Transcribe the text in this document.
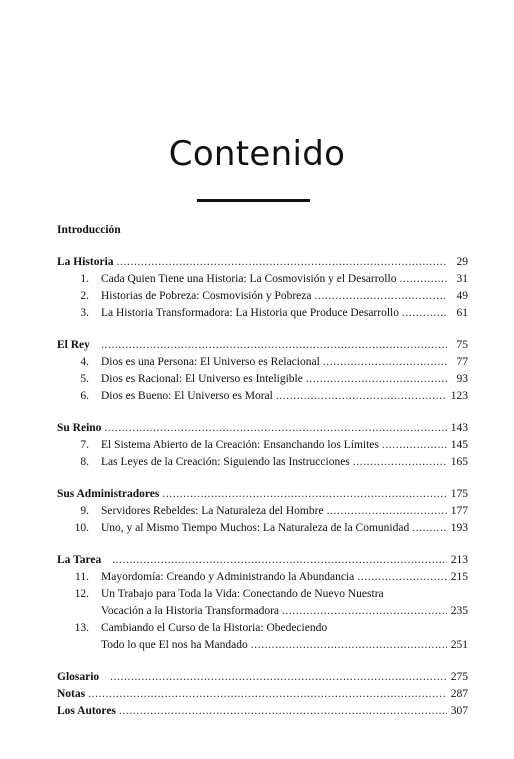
Contenido
Introducción
La Historia .....	29
1. Cada Quien Tiene una Historia: La Cosmovisión y el Desarrollo .....	31
2. Historias de Pobreza: Cosmovisión y Pobreza .....	49
3. La Historia Transformadora: La Historia que Produce Desarrollo .....	61
El Rey .....	75
4. Dios es una Persona: El Universo es Relacional .....	77
5. Dios es Racional: El Universo es Inteligible .....	93
6. Dios es Bueno: El Universo es Moral .....	123
Su Reino .....	143
7. El Sistema Abierto de la Creación: Ensanchando los Límites .....	145
8. Las Leyes de la Creación: Siguiendo las Instrucciones .....	165
Sus Administradores .....	175
9. Servidores Rebeldes: La Naturaleza del Hombre .....	177
10. Uno, y al Mismo Tiempo Muchos: La Naturaleza de la Comunidad .....	193
La Tarea .....	213
11. Mayordomía: Creando y Administrando la Abundancia .....	215
12. Un Trabajo para Toda la Vida: Conectando de Nuevo Nuestra
Vocación a la Historia Transformadora .....	235
13. Cambiando el Curso de la Historia: Obedeciendo
Todo lo que El nos ha Mandado .....	251
Glosario .....	275
Notas .....	287
Los Autores .....	307
